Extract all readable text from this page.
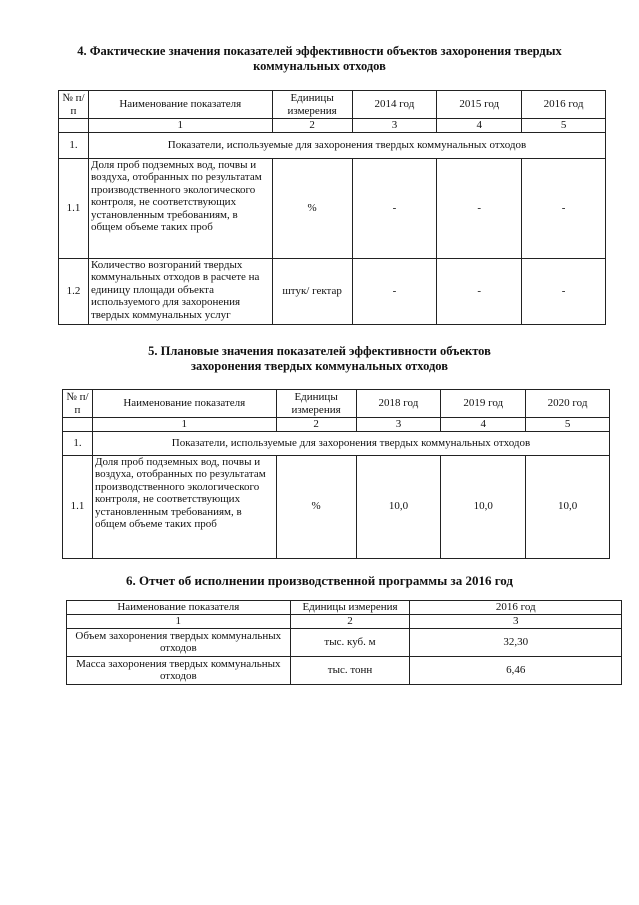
4. Фактические значения показателей эффективности объектов захоронения твердых
коммунальных отходов
№ п/п	Наименование показателя	Единицы измерения	2014 год	2015 год	2016 год
	1	2	3	4	5
1.	Показатели, используемые для захоронения твердых коммунальных отходов				
1.1	Доля проб подземных вод, почвы и воздуха, отобранных по результатам производственного экологического контроля, не соответствующих установленным требованиям, в общем объеме таких проб	%	-	-	-
1.2	Количество возгораний твердых коммунальных отходов в расчете на единицу площади объекта используемого для захоронения твердых коммунальных услуг	штук/ гектар	-	-	-
5. Плановые значения показателей эффективности объектов
захоронения твердых коммунальных отходов
№ п/п	Наименование показателя	Единицы измерения	2018 год	2019 год	2020 год
	1	2	3	4	5
1.	Показатели, используемые для захоронения твердых коммунальных отходов				
1.1	Доля проб подземных вод, почвы и воздуха, отобранных по результатам производственного экологического контроля, не соответствующих установленным требованиям, в общем объеме таких проб	%	10,0	10,0	10,0
6. Отчет об исполнении производственной программы за 2016 год
Наименование показателя	Единицы измерения	2016 год
1	2	3
Объем захоронения твердых коммунальных отходов	тыс. куб. м	32,30
Масса захоронения твердых коммунальных отходов	тыс. тонн	6,46
